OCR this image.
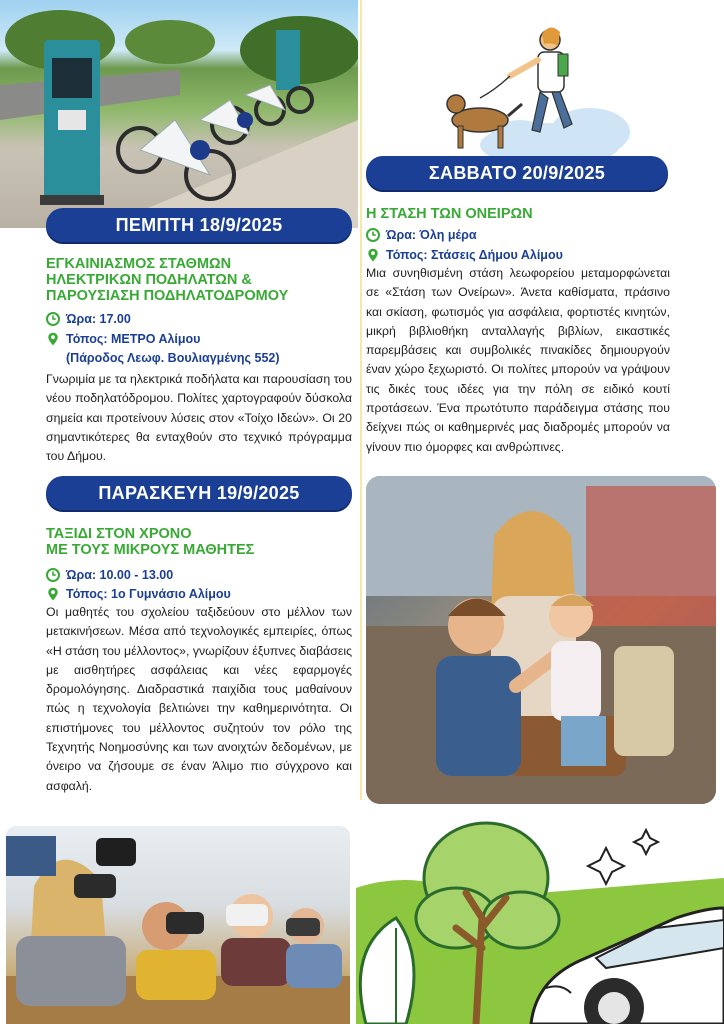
ΠΕΜΠΤΗ 18/9/2025
ΕΓΚΑΙΝΙΑΣΜΟΣ ΣΤΑΘΜΩΝ
ΗΛΕΚΤΡΙΚΩΝ ΠΟΔΗΛΑΤΩΝ &
ΠΑΡΟΥΣΙΑΣΗ ΠΟΔΗΛΑΤΟΔΡΟΜΟΥ
Ώρα: 17.00
Τόπος: ΜΕΤΡΟ Αλίμου
(Πάροδος Λεωφ. Βουλιαγμένης 552)
Γνωριμία με τα ηλεκτρικά ποδήλατα και παρουσίαση του νέου ποδηλατόδρομου. Πολίτες χαρτογραφούν δύσκολα σημεία και προτείνουν λύσεις στον «Τοίχο Ιδεών». Οι 20 σημαντικότερες θα ενταχθούν στο τεχνικό πρόγραμμα του Δήμου.
ΠΑΡΑΣΚΕΥΗ 19/9/2025
ΤΑΞΙΔΙ ΣΤΟΝ ΧΡΟΝΟ
ΜΕ ΤΟΥΣ ΜΙΚΡΟΥΣ ΜΑΘΗΤΕΣ
Ώρα: 10.00 - 13.00
Τόπος: 1ο Γυμνάσιο Αλίμου
Οι μαθητές του σχολείου ταξιδεύουν στο μέλλον των μετακινήσεων. Μέσα από τεχνολογικές εμπειρίες, όπως «Η στάση του μέλλοντος», γνωρίζουν έξυπνες διαβάσεις με αισθητήρες ασφάλειας και νέες εφαρμογές δρομολόγησης. Διαδραστικά παιχίδια τους μαθαίνουν πώς η τεχνολογία βελτιώνει την καθημερινότητα. Οι επιστήμονες του μέλλοντος συζητούν τον ρόλο της Τεχνητής Νοημοσύνης και των ανοιχτών δεδομένων, με όνειρο να ζήσουμε σε έναν Άλιμο πιο σύγχρονο και ασφαλή.
ΣΑΒΒΑΤΟ 20/9/2025
Η ΣΤΑΣΗ ΤΩΝ ΟΝΕΙΡΩΝ
Ώρα: Όλη μέρα
Τόπος: Στάσεις Δήμου Αλίμου
Μια συνηθισμένη στάση λεωφορείου μεταμορφώνεται σε «Στάση των Ονείρων». Άνετα καθίσματα, πράσινο και σκίαση, φωτισμός για ασφάλεια, φορτιστές κινητών, μικρή βιβλιοθήκη ανταλλαγής βιβλίων, εικαστικές παρεμβάσεις και συμβολικές πινακίδες δημιουργούν έναν χώρο ξεχωριστό. Οι πολίτες μπορούν να γράψουν τις δικές τους ιδέες για την πόλη σε ειδικό κουτί προτάσεων. Ένα πρωτότυπο παράδειγμα στάσης που δείχνει πώς οι καθημερινές μας διαδρομές μπορούν να γίνουν πιο όμορφες και ανθρώπινες.
